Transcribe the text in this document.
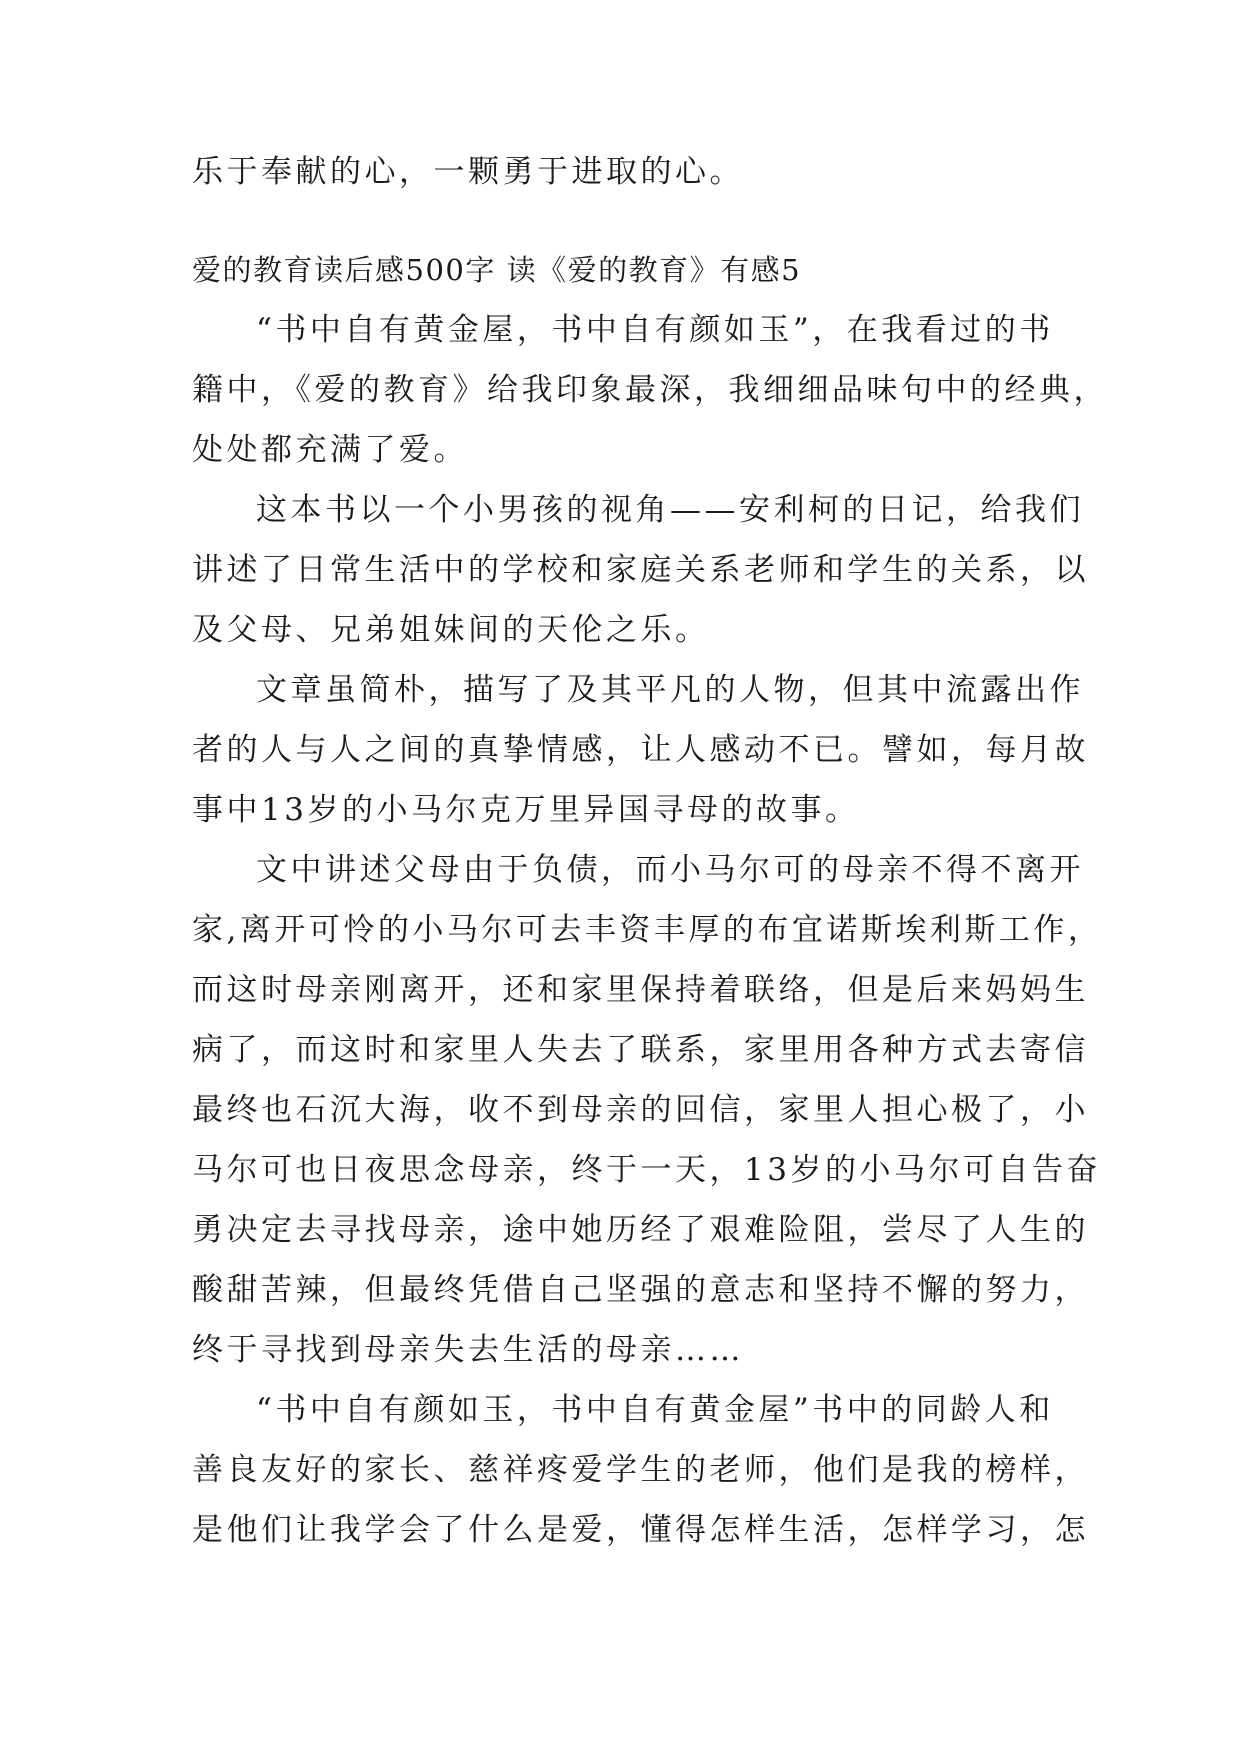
乐于奉献的心，一颗勇于进取的心。
爱的教育读后感500字 读《爱的教育》有感5
“书中自有黄金屋，书中自有颜如玉”，在我看过的书
籍中，《爱的教育》给我印象最深，我细细品味句中的经典，
处处都充满了爱。
这本书以一个小男孩的视角——安利柯的日记，给我们
讲述了日常生活中的学校和家庭关系老师和学生的关系，以
及父母、兄弟姐妹间的天伦之乐。
文章虽简朴，描写了及其平凡的人物，但其中流露出作
者的人与人之间的真挚情感，让人感动不已。譬如，每月故
事中13岁的小马尔克万里异国寻母的故事。
文中讲述父母由于负债，而小马尔可的母亲不得不离开
家,离开可怜的小马尔可去丰资丰厚的布宜诺斯埃利斯工作，
而这时母亲刚离开，还和家里保持着联络，但是后来妈妈生
病了，而这时和家里人失去了联系，家里用各种方式去寄信
最终也石沉大海，收不到母亲的回信，家里人担心极了，小
马尔可也日夜思念母亲，终于一天，13岁的小马尔可自告奋
勇决定去寻找母亲，途中她历经了艰难险阻，尝尽了人生的
酸甜苦辣，但最终凭借自己坚强的意志和坚持不懈的努力，
终于寻找到母亲失去生活的母亲……
“书中自有颜如玉，书中自有黄金屋”书中的同龄人和
善良友好的家长、慈祥疼爱学生的老师，他们是我的榜样，
是他们让我学会了什么是爱，懂得怎样生活，怎样学习，怎
